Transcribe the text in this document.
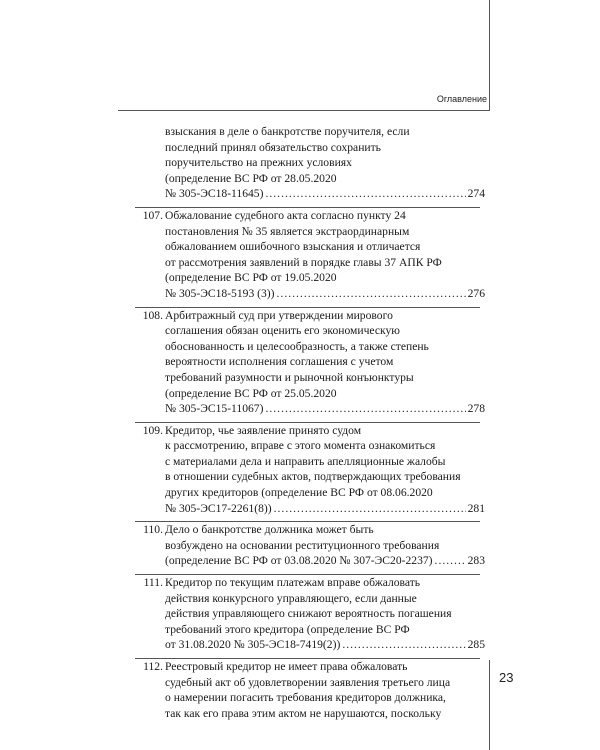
Оглавление
взыскания в деле о банкротстве поручителя, если
последний принял обязательство сохранить
поручительство на прежних условиях
(определение ВС РФ от 28.05.2020
№ 305-ЭС18-11645) .....	274
107. Обжалование судебного акта согласно пункту 24
постановления № 35 является экстраординарным
обжалованием ошибочного взыскания и отличается
от рассмотрения заявлений в порядке главы 37 АПК РФ
(определение ВС РФ от 19.05.2020
№ 305-ЭС18-5193 (3)) .....	276
108. Арбитражный суд при утверждении мирового
соглашения обязан оценить его экономическую
обоснованность и целесообразность, а также степень
вероятности исполнения соглашения с учетом
требований разумности и рыночной конъюнктуры
(определение ВС РФ от 25.05.2020
№ 305-ЭС15-11067) .....	278
109. Кредитор, чье заявление принято судом
к рассмотрению, вправе с этого момента ознакомиться
с материалами дела и направить апелляционные жалобы
в отношении судебных актов, подтверждающих требования
других кредиторов (определение ВС РФ от 08.06.2020
№ 305-ЭС17-2261(8)) .....	281
110. Дело о банкротстве должника может быть
возбуждено на основании реституционного требования
(определение ВС РФ от 03.08.2020 № 307-ЭС20-2237) .....	283
111. Кредитор по текущим платежам вправе обжаловать
действия конкурсного управляющего, если данные
действия управляющего снижают вероятность погашения
требований этого кредитора (определение ВС РФ
от 31.08.2020 № 305-ЭС18-7419(2)) .....	285
112. Реестровый кредитор не имеет права обжаловать
судебный акт об удовлетворении заявления третьего лица
о намерении погасить требования кредиторов должника,
так как его права этим актом не нарушаются, поскольку
23
